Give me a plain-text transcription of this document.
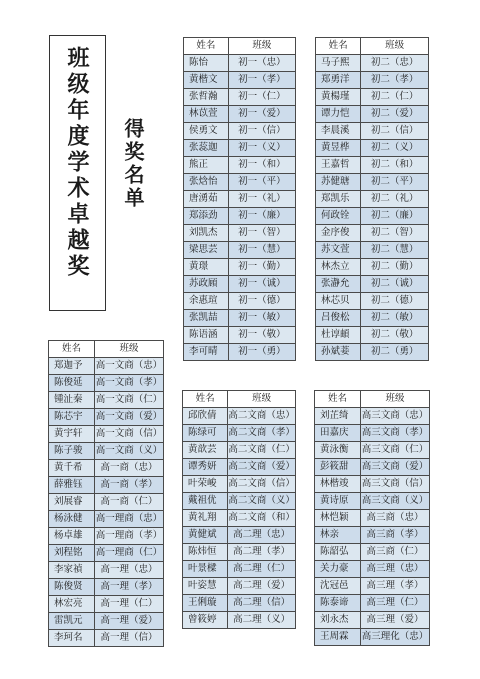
班级年度学术卓越奖	得奖名单
姓名	班级
陈怡	初一（忠）
黄楷文	初一（孝）
张哲瀚	初一（仁）
林苡萱	初一（爱）
侯勇文	初一（信）
张蕊迦	初一（义）
熊正	初一（和）
张焓怡	初一（平）
唐湧茹	初一（礼）
郑添劲	初一（廉）
刘凯杰	初一（智）
梁思芸	初一（慧）
黄璟	初一（勤）
苏政頋	初一（诚）
余惠瑄	初一（德）
张凯喆	初一（敏）
陈语涵	初一（敬）
李可晴	初一（勇）
姓名	班级
马子熙	初二（忠）
郑勇洋	初二（孝）
黄楊瑾	初二（仁）
谭力恺	初二（爱）
李晨溪	初二（信）
黄昱桦	初二（义）
王嘉哲	初二（和）
苏健瑭	初二（平）
郑凯乐	初二（礼）
何政铨	初二（廉）
金序俊	初二（智）
苏文萱	初二（慧）
林杰立	初二（勤）
张瀞允	初二（诚）
林芯贝	初二（德）
吕俊松	初二（敏）
杜谆頔	初二（敬）
孙斌菨	初二（勇）
姓名	班级
郑迦予	高一文商（忠）
陈俊延	高一文商（孝）
锺沚秦	高一文商（仁）
陈芯宇	高一文商（爱）
黄宇轩	高一文商（信）
陈子骏	高一文商（义）
黄千希	高一商（忠）
薛雅钰	高一商（孝）
刘展睿	高一商（仁）
杨泳健	高一理商（忠）
杨卓雄	高一理商（孝）
刘程铭	高一理商（仁）
李家禎	高一理（忠）
陈俊贤	高一理（孝）
林宏亮	高一理（仁）
雷凯元	高一理（爱）
李珂名	高一理（信）
姓名	班级
邱欣倩	高二文商（忠）
陈绿可	高二文商（孝）
黄歆芸	高二文商（仁）
谭秀妍	高二文商（爱）
叶荣峻	高二文商（信）
戴祖优	高二文商（义）
黄礼翔	高二文商（和）
黄健斌	高二理（忠）
陈炜恒	高二理（孝）
叶景樑	高二理（仁）
叶姿慧	高二理（爱）
王俐璇	高二理（信）
曾筱婷	高二理（义）
姓名	班级
刘芷绮	高三文商（忠）
田嘉庆	高三文商（孝）
黄泳衡	高三文商（仁）
彭筱甜	高三文商（爱）
林楷竣	高三文商（信）
黄诗原	高三文商（义）
林恺颖	高三商（忠）
林亲	高三商（孝）
陈韶弘	高三商（仁）
关力豪	高三理（忠）
沈冠邑	高三理（孝）
陈泰谛	高三理（仁）
刘永杰	高三理（爱）
王周霖	高三理化（忠）
